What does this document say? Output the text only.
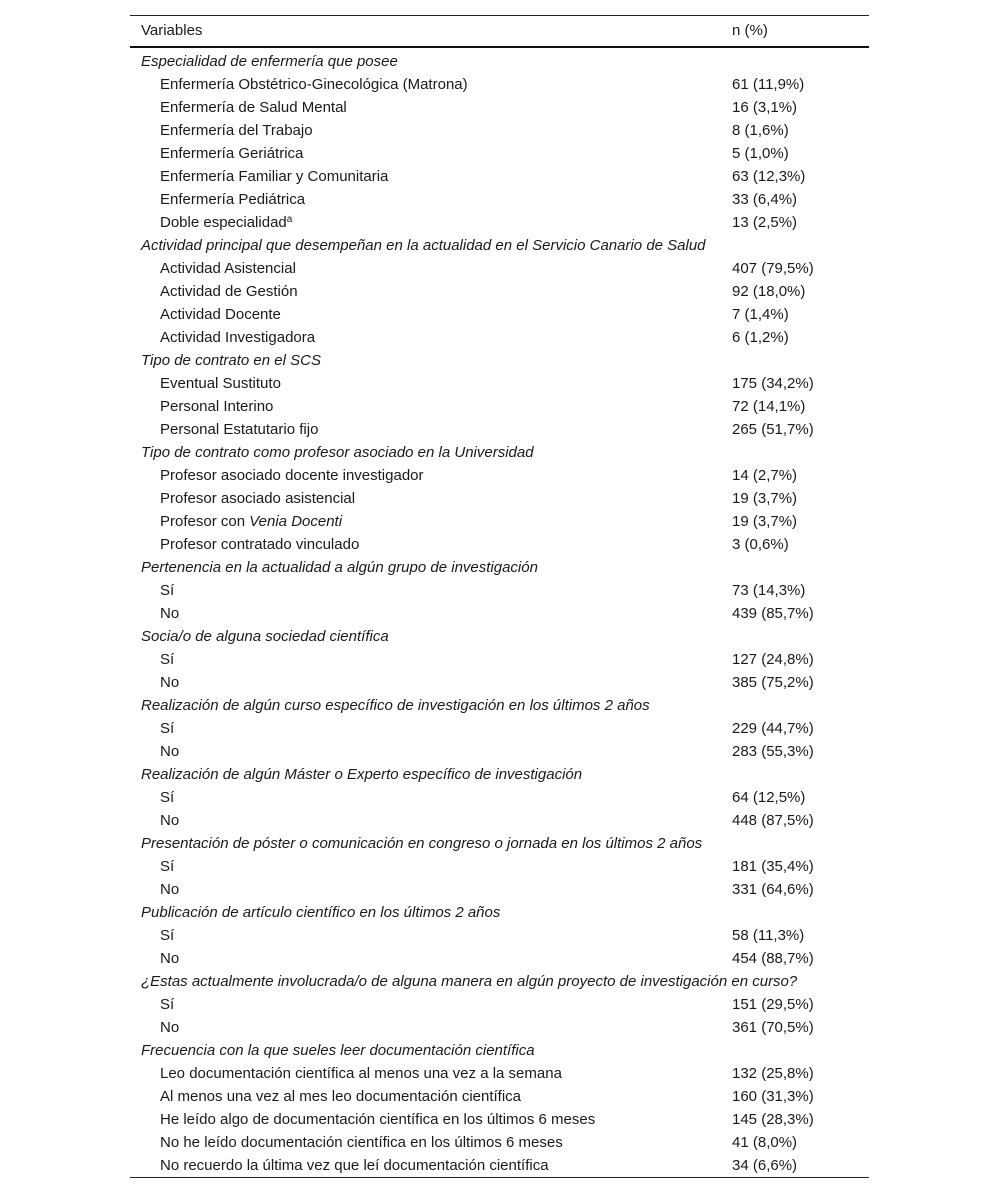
Variables	n (%)
Especialidad de enfermería que posee	
Enfermería Obstétrico-Ginecológica (Matrona)	61 (11,9%)
Enfermería de Salud Mental	16 (3,1%)
Enfermería del Trabajo	8 (1,6%)
Enfermería Geriátrica	5 (1,0%)
Enfermería Familiar y Comunitaria	63 (12,3%)
Enfermería Pediátrica	33 (6,4%)
Doble especialidad$^a$	13 (2,5%)
Actividad principal que desempeñan en la actualidad en el Servicio Canario de Salud	
Actividad Asistencial	407 (79,5%)
Actividad de Gestión	92 (18,0%)
Actividad Docente	7 (1,4%)
Actividad Investigadora	6 (1,2%)
Tipo de contrato en el SCS	
Eventual Sustituto	175 (34,2%)
Personal Interino	72 (14,1%)
Personal Estatutario fijo	265 (51,7%)
Tipo de contrato como profesor asociado en la Universidad	
Profesor asociado docente investigador	14 (2,7%)
Profesor asociado asistencial	19 (3,7%)
Profesor con Venia Docenti	19 (3,7%)
Profesor contratado vinculado	3 (0,6%)
Pertenencia en la actualidad a algún grupo de investigación	
Sí	73 (14,3%)
No	439 (85,7%)
Socia/o de alguna sociedad científica	
Sí	127 (24,8%)
No	385 (75,2%)
Realización de algún curso específico de investigación en los últimos 2 años	
Sí	229 (44,7%)
No	283 (55,3%)
Realización de algún Máster o Experto específico de investigación	
Sí	64 (12,5%)
No	448 (87,5%)
Presentación de póster o comunicación en congreso o jornada en los últimos 2 años	
Sí	181 (35,4%)
No	331 (64,6%)
Publicación de artículo científico en los últimos 2 años	
Sí	58 (11,3%)
No	454 (88,7%)
¿Estas actualmente involucrada/o de alguna manera en algún proyecto de investigación en curso?	
Sí	151 (29,5%)
No	361 (70,5%)
Frecuencia con la que sueles leer documentación científica	
Leo documentación científica al menos una vez a la semana	132 (25,8%)
Al menos una vez al mes leo documentación científica	160 (31,3%)
He leído algo de documentación científica en los últimos 6 meses	145 (28,3%)
No he leído documentación científica en los últimos 6 meses	41 (8,0%)
No recuerdo la última vez que leí documentación científica	34 (6,6%)
